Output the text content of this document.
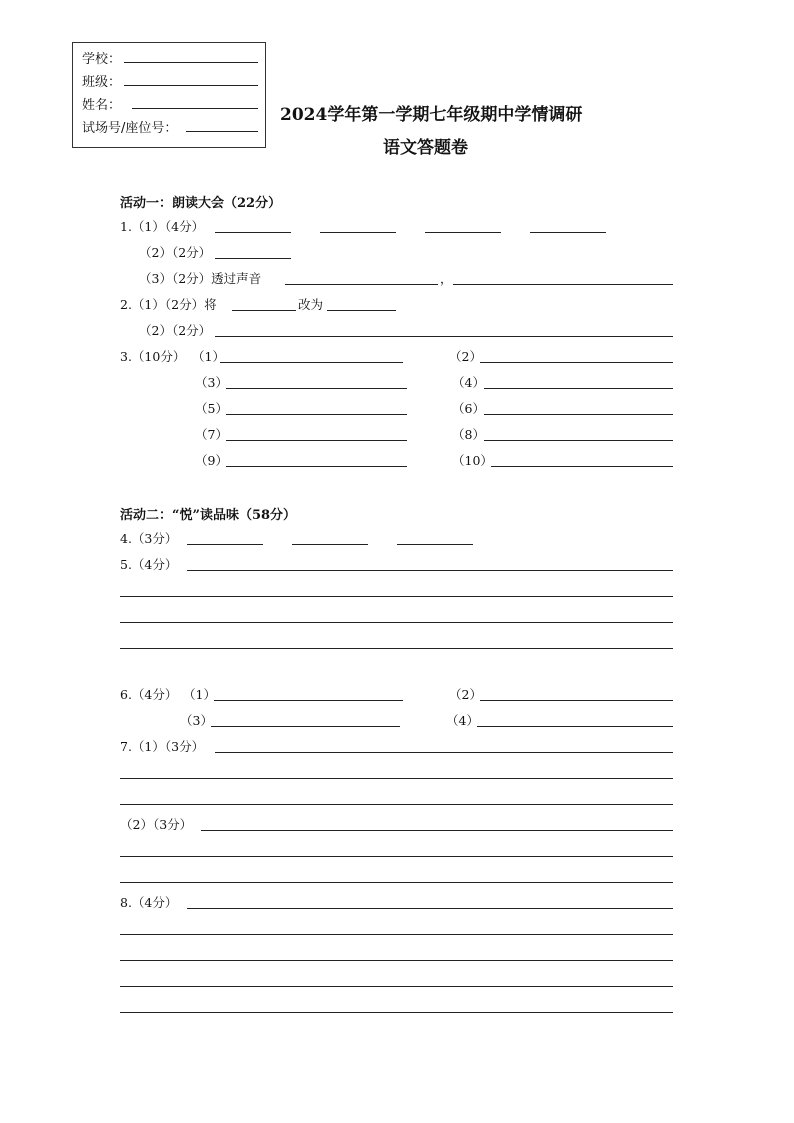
学校：
班级：
姓名：
试场号/座位号：
2024学年第一学期七年级期中学情调研
语文答题卷
活动一：朗读大会（22分）
1.（1）（4分）
（2）（2分）
（3）（2分）透过声音	，
2.（1）（2分）将	改为
（2）（2分）
3.（10分） （1）	（2）
（3）	（4）
（5）	（6）
（7）	（8）
（9）	（10）
活动二：“悦”读品味（58分）
4.（3分）
5.（4分）
6.（4分） （1）	（2）
（3）	（4）
7.（1）（3分）
（2）（3分）
8.（4分）
